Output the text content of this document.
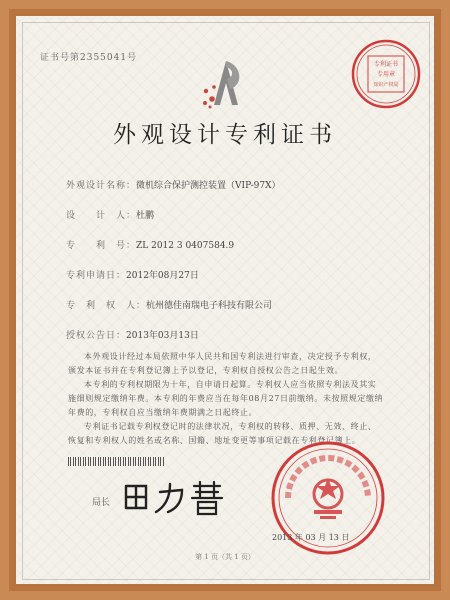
证书号第2355041号
专利证书
专用章
知识产权局
外观设计专利证书
外观设计名称：微机综合保护测控装置（VIP-97X）
设　　计　人：杜鹏
专　　利　号：ZL 2012 3 0407584.9
专利申请日：2012年08月27日
专　利　权　人：杭州德佳南瑞电子科技有限公司
授权公告日：2013年03月13日

本外观设计经过本局依照中华人民共和国专利法进行审查，决定授予专利权，颁发本证书并在专利登记簿上予以登记，专利权自授权公告之日起生效。

本专利的专利权期限为十年，自申请日起算。专利权人应当依照专利法及其实施细则规定缴纳年费。本专利的年费应当在每年08月27日前缴纳。未按照规定缴纳年费的，专利权自应当缴纳年费期满之日起终止。

专利证书记载专利权登记时的法律状况，专利权的转移、质押、无效、终止、恢复和专利权人的姓名或名称、国籍、地址变更等事项记载在专利登记簿上。

局长
2013 年 03 月 13 日
第 1 页（共 1 页）
